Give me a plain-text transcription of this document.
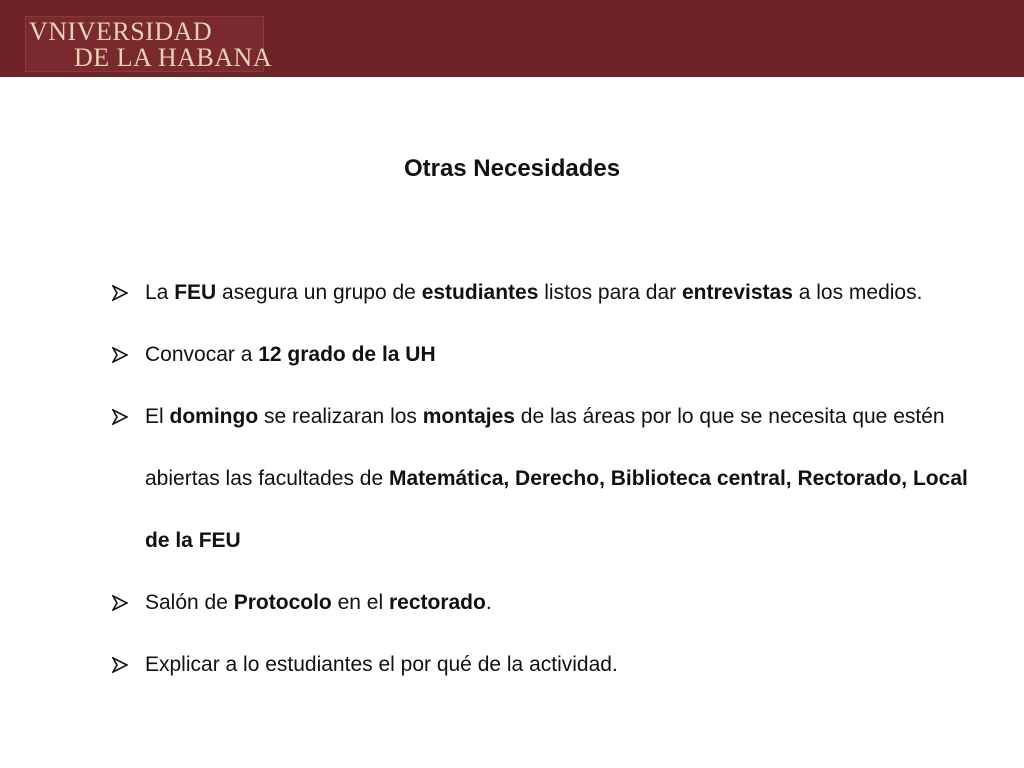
VNIVERSIDAD
DE LA HABANA
Otras Necesidades
La FEU asegura un grupo de estudiantes listos para dar entrevistas a los medios.
Convocar a 12 grado de la UH
El domingo se realizaran los montajes de las áreas por lo que se necesita que estén abiertas las facultades de Matemática, Derecho, Biblioteca central, Rectorado, Local de la FEU
Salón de Protocolo en el rectorado.
Explicar a lo estudiantes el por qué de la actividad.
